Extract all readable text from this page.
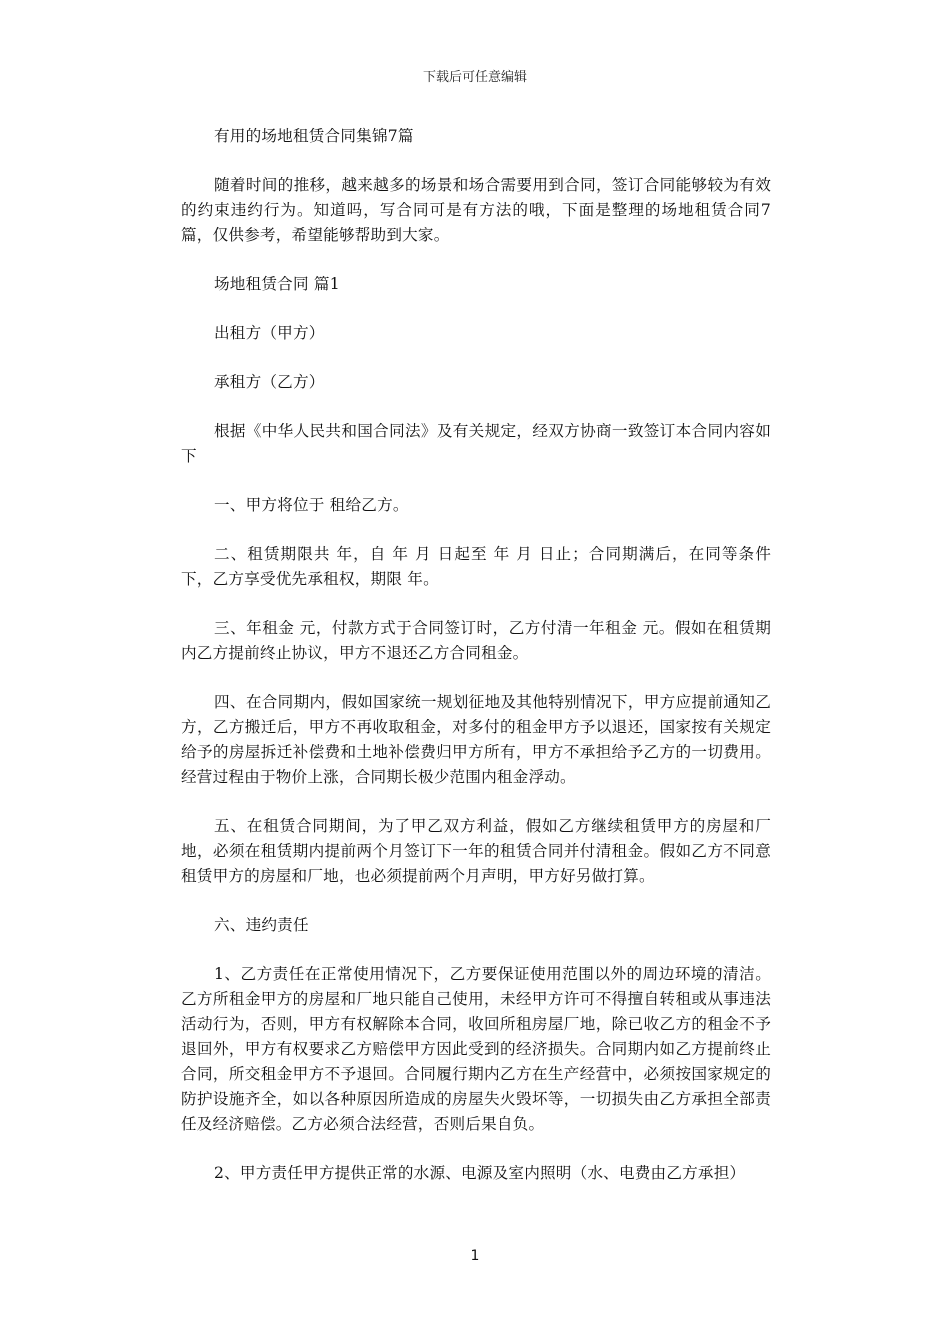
下载后可任意编辑

有用的场地租赁合同集锦7篇

随着时间的推移，越来越多的场景和场合需要用到合同，签订合同能够较为有效的约束违约行为。知道吗，写合同可是有方法的哦，下面是整理的场地租赁合同7篇，仅供参考，希望能够帮助到大家。

场地租赁合同 篇1

出租方（甲方）

承租方（乙方）

根据《中华人民共和国合同法》及有关规定，经双方协商一致签订本合同内容如下

一、甲方将位于 租给乙方。

二、租赁期限共 年，自 年 月 日起至 年 月 日止；合同期满后，在同等条件下，乙方享受优先承租权，期限 年。

三、年租金 元，付款方式于合同签订时，乙方付清一年租金 元。假如在租赁期内乙方提前终止协议，甲方不退还乙方合同租金。

四、在合同期内，假如国家统一规划征地及其他特别情况下，甲方应提前通知乙方，乙方搬迁后，甲方不再收取租金，对多付的租金甲方予以退还，国家按有关规定给予的房屋拆迁补偿费和土地补偿费归甲方所有，甲方不承担给予乙方的一切费用。经营过程由于物价上涨，合同期长极少范围内租金浮动。

五、在租赁合同期间，为了甲乙双方利益，假如乙方继续租赁甲方的房屋和厂地，必须在租赁期内提前两个月签订下一年的租赁合同并付清租金。假如乙方不同意租赁甲方的房屋和厂地，也必须提前两个月声明，甲方好另做打算。

六、违约责任

1、乙方责任在正常使用情况下，乙方要保证使用范围以外的周边环境的清洁。乙方所租金甲方的房屋和厂地只能自己使用，未经甲方许可不得擅自转租或从事违法活动行为，否则，甲方有权解除本合同，收回所租房屋厂地，除已收乙方的租金不予退回外，甲方有权要求乙方赔偿甲方因此受到的经济损失。合同期内如乙方提前终止合同，所交租金甲方不予退回。合同履行期内乙方在生产经营中，必须按国家规定的防护设施齐全，如以各种原因所造成的房屋失火毁坏等，一切损失由乙方承担全部责任及经济赔偿。乙方必须合法经营，否则后果自负。

2、甲方责任甲方提供正常的水源、电源及室内照明（水、电费由乙方承担）

1
